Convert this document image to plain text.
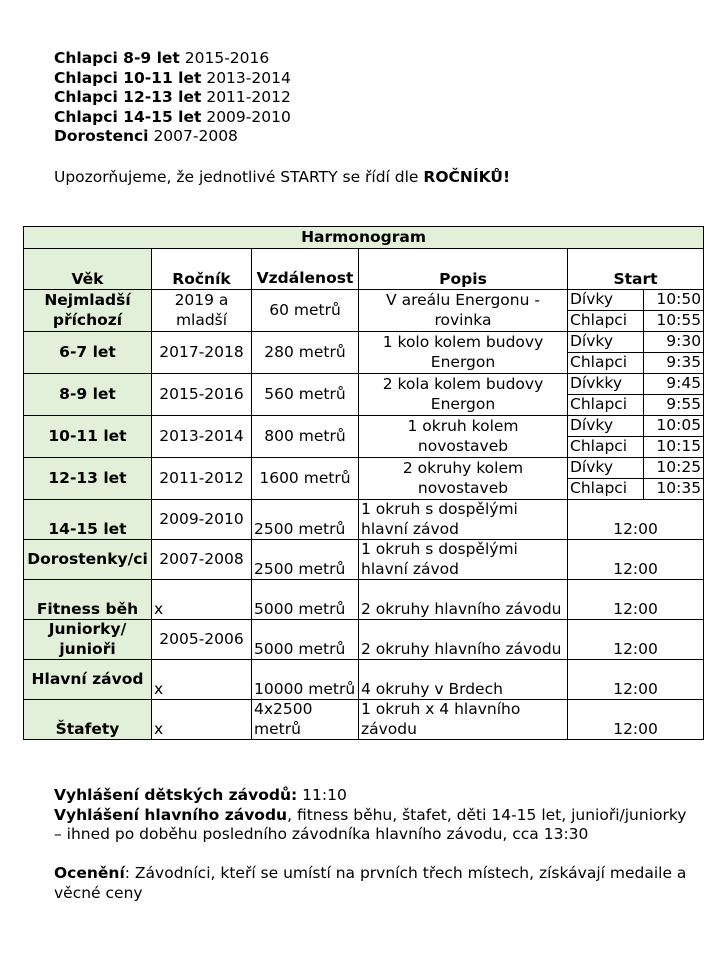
Chlapci 8-9 let 2015-2016
Chlapci 10-11 let 2013-2014
Chlapci 12-13 let 2011-2012
Chlapci 14-15 let 2009-2010
Dorostenci 2007-2008
Upozorňujeme, že jednotlivé STARTY se řídí dle ROČNÍKŮ!
Harmonogram					
Věk	Ročník	Vzdálenost	Popis	Start	
Nejmladší příchozí	2019 a mladší	60 metrů	V areálu Energonu - rovinka	Dívky	10:50
				Chlapci	10:55
6-7 let	2017-2018	280 metrů	1 kolo kolem budovy Energon	Dívky	9:30
				Chlapci	9:35
8-9 let	2015-2016	560 metrů	2 kola kolem budovy Energon	Dívkky	9:45
				Chlapci	9:55
10-11 let	2013-2014	800 metrů	1 okruh kolem novostaveb	Dívky	10:05
				Chlapci	10:15
12-13 let	2011-2012	1600 metrů	2 okruhy kolem novostaveb	Dívky	10:25
				Chlapci	10:35
14-15 let	2009-2010	2500 metrů	1 okruh s dospělými hlavní závod	12:00	
Dorostenky/ci	2007-2008	2500 metrů	1 okruh s dospělými hlavní závod	12:00	
Fitness běh	x	5000 metrů	2 okruhy hlavního závodu	12:00	
Juniorky/ junioři	2005-2006	5000 metrů	2 okruhy hlavního závodu	12:00	
Hlavní závod	x	10000 metrů	4 okruhy v Brdech	12:00	
Štafety	x	4x2500 metrů	1 okruh x 4 hlavního závodu	12:00	

Vyhlášení dětských závodů: 11:10

Vyhlášení hlavního závodu, fitness běhu, štafet, děti 14-15 let, junioři/juniorky – ihned po doběhu posledního závodníka hlavního závodu, cca 13:30

Ocenění: Závodníci, kteří se umístí na prvních třech místech, získávají medaile a věcné ceny
